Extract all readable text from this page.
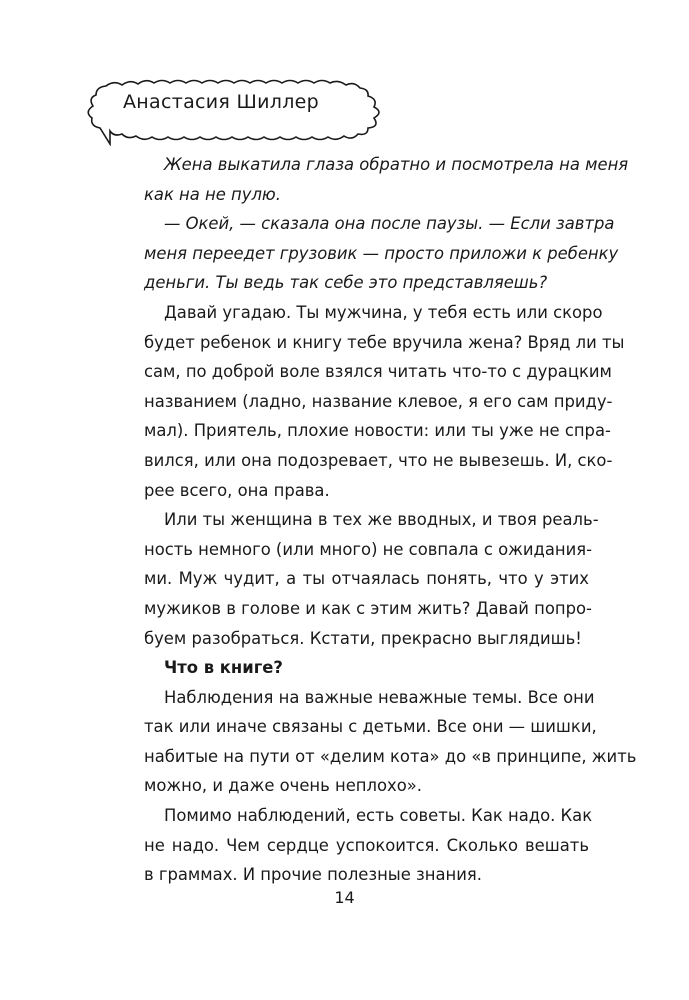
Анастасия Шиллер

Жена выкатила глаза обратно и посмотрела на меня
как на не пулю.

— Окей, — сказала она после паузы. — Если завтра
меня переедет грузовик — просто приложи к ребенку
деньги. Ты ведь так себе это представляешь?

Давай угадаю. Ты мужчина, у тебя есть или скоро
будет ребенок и книгу тебе вручила жена? Вряд ли ты
сам, по доброй воле взялся читать что-то с дурацким
названием (ладно, название клевое, я его сам приду-
мал). Приятель, плохие новости: или ты уже не спра-
вился, или она подозревает, что не вывезешь. И, ско-
рее всего, она права.

Или ты женщина в тех же вводных, и твоя реаль-
ность немного (или много) не совпала с ожидания-
ми. Муж чудит, а ты отчаялась понять, что у этих
мужиков в голове и как с этим жить? Давай попро-
буем разобраться. Кстати, прекрасно выглядишь!

Что в книге?

Наблюдения на важные неважные темы. Все они
так или иначе связаны с детьми. Все они — шишки,
набитые на пути от «делим кота» до «в принципе, жить
можно, и даже очень неплохо».

Помимо наблюдений, есть советы. Как надо. Как
не надо. Чем сердце успокоится. Сколько вешать
в граммах. И прочие полезные знания.

14
